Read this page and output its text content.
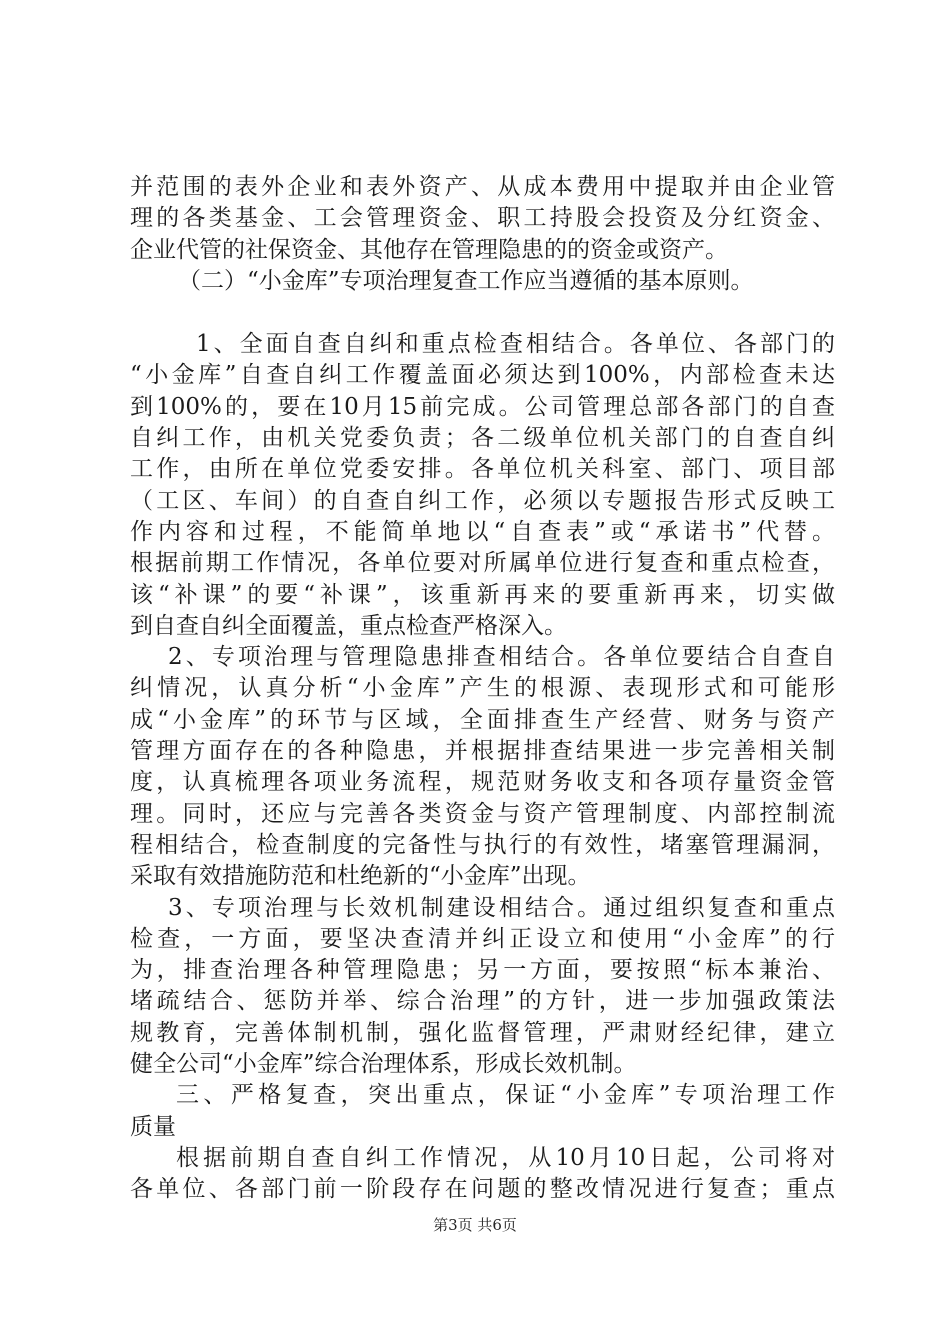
并范围的表外企业和表外资产、从成本费用中提取并由企业管
理的各类基金、工会管理资金、职工持股会投资及分红资金、
企业代管的社保资金、其他存在管理隐患的的资金或资产。
（二）“小金库”专项治理复查工作应当遵循的基本原则。
1、全面自查自纠和重点检查相结合。各单位、各部门的
“小金库”自查自纠工作覆盖面必须达到100%，内部检查未达
到100%的，要在10月15前完成。公司管理总部各部门的自查
自纠工作，由机关党委负责；各二级单位机关部门的自查自纠
工作，由所在单位党委安排。各单位机关科室、部门、项目部
（工区、车间）的自查自纠工作，必须以专题报告形式反映工
作内容和过程，不能简单地以“自查表”或“承诺书”代替。
根据前期工作情况，各单位要对所属单位进行复查和重点检查，
该“补课”的要“补课”，该重新再来的要重新再来，切实做
到自查自纠全面覆盖，重点检查严格深入。
2、专项治理与管理隐患排查相结合。各单位要结合自查自
纠情况，认真分析“小金库”产生的根源、表现形式和可能形
成“小金库”的环节与区域，全面排查生产经营、财务与资产
管理方面存在的各种隐患，并根据排查结果进一步完善相关制
度，认真梳理各项业务流程，规范财务收支和各项存量资金管
理。同时，还应与完善各类资金与资产管理制度、内部控制流
程相结合，检查制度的完备性与执行的有效性，堵塞管理漏洞，
采取有效措施防范和杜绝新的“小金库”出现。
3、专项治理与长效机制建设相结合。通过组织复查和重点
检查，一方面，要坚决查清并纠正设立和使用“小金库”的行
为，排查治理各种管理隐患；另一方面，要按照“标本兼治、
堵疏结合、惩防并举、综合治理”的方针，进一步加强政策法
规教育，完善体制机制，强化监督管理，严肃财经纪律，建立
健全公司“小金库”综合治理体系，形成长效机制。
三、严格复查，突出重点，保证“小金库”专项治理工作
质量
根据前期自查自纠工作情况，从10月10日起，公司将对
各单位、各部门前一阶段存在问题的整改情况进行复查；重点
第3页 共6页
